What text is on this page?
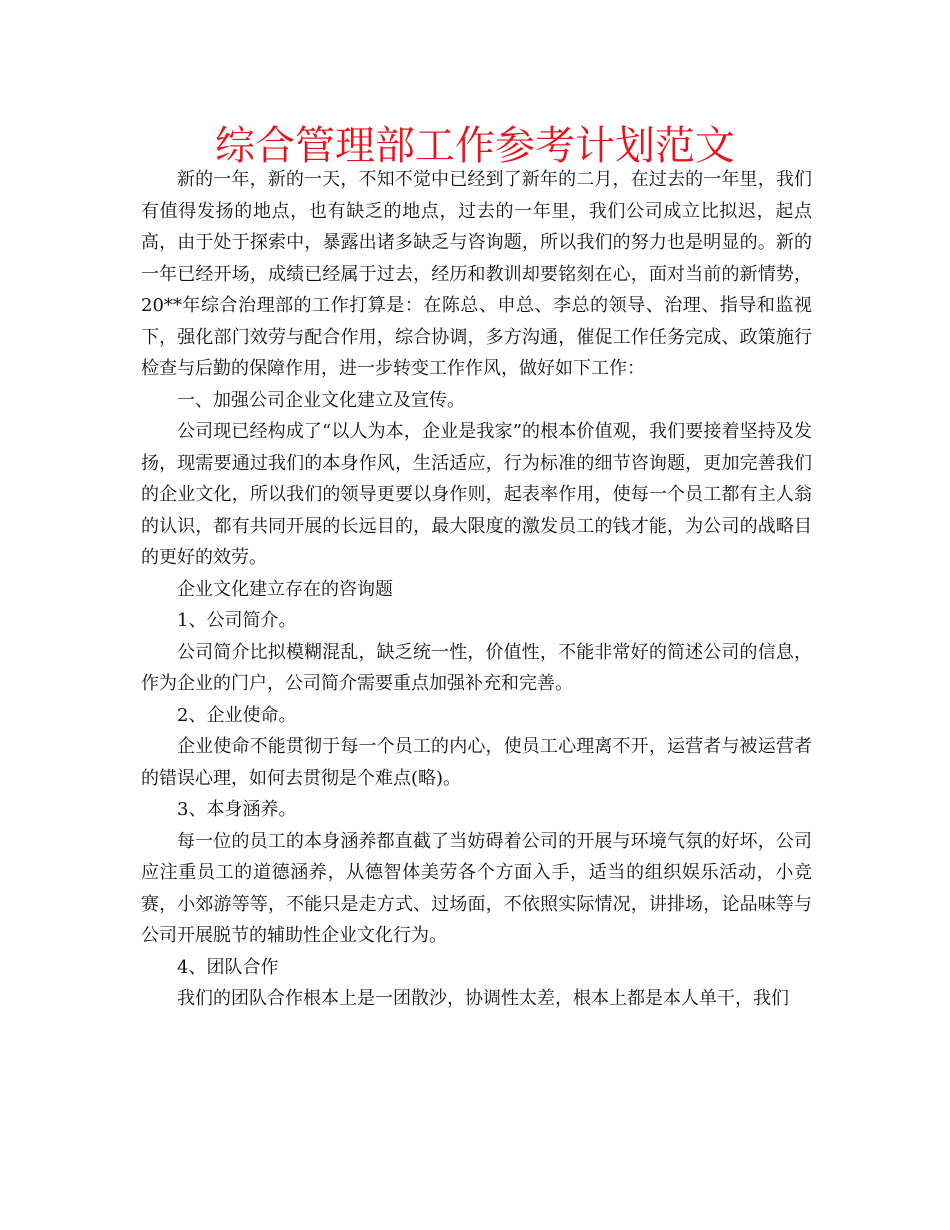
综合管理部工作参考计划范文

新的一年，新的一天，不知不觉中已经到了新年的二月，在过去的一年里，我们有值得发扬的地点，也有缺乏的地点，过去的一年里，我们公司成立比拟迟，起点高，由于处于探索中，暴露出诸多缺乏与咨询题，所以我们的努力也是明显的。新的一年已经开场，成绩已经属于过去，经历和教训却要铭刻在心，面对当前的新情势，20**年综合治理部的工作打算是：在陈总、申总、李总的领导、治理、指导和监视下，强化部门效劳与配合作用，综合协调，多方沟通，催促工作任务完成、政策施行检查与后勤的保障作用，进一步转变工作作风，做好如下工作：

一、加强公司企业文化建立及宣传。

公司现已经构成了“以人为本，企业是我家”的根本价值观，我们要接着坚持及发扬，现需要通过我们的本身作风，生活适应，行为标准的细节咨询题，更加完善我们的企业文化，所以我们的领导更要以身作则，起表率作用，使每一个员工都有主人翁的认识，都有共同开展的长远目的，最大限度的激发员工的钱才能，为公司的战略目的更好的效劳。

企业文化建立存在的咨询题

1、公司简介。

公司简介比拟模糊混乱，缺乏统一性，价值性，不能非常好的简述公司的信息，作为企业的门户，公司简介需要重点加强补充和完善。

2、企业使命。

企业使命不能贯彻于每一个员工的内心，使员工心理离不开，运营者与被运营者的错误心理，如何去贯彻是个难点(略)。

3、本身涵养。

每一位的员工的本身涵养都直截了当妨碍着公司的开展与环境气氛的好坏，公司应注重员工的道德涵养，从德智体美劳各个方面入手，适当的组织娱乐活动，小竞赛，小郊游等等，不能只是走方式、过场面，不依照实际情况，讲排场，论品味等与公司开展脱节的辅助性企业文化行为。

4、团队合作

我们的团队合作根本上是一团散沙，协调性太差，根本上都是本人单干，我们
